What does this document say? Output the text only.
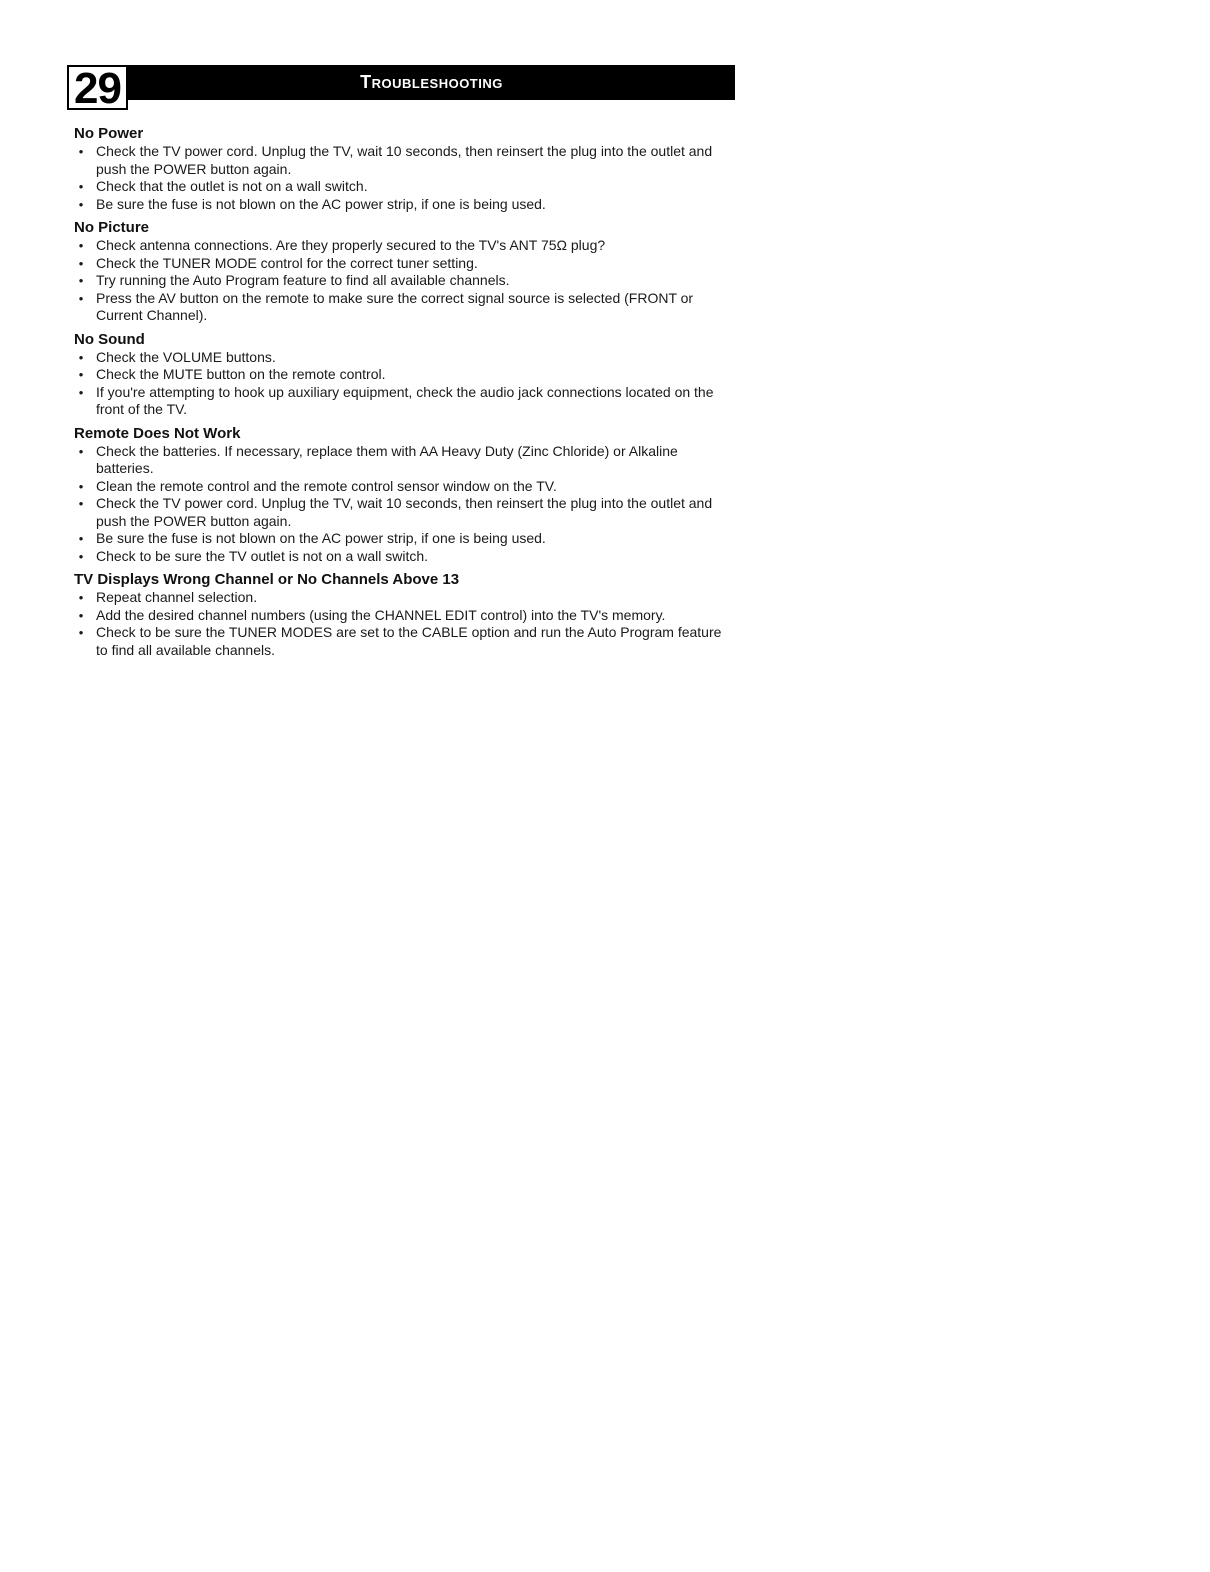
29	Troubleshooting
No Power
• Check the TV power cord. Unplug the TV, wait 10 seconds, then reinsert the plug into the outlet and push the POWER button again.
• Check that the outlet is not on a wall switch.
• Be sure the fuse is not blown on the AC power strip, if one is being used.
No Picture
• Check antenna connections. Are they properly secured to the TV's ANT 75Ω plug?
• Check the TUNER MODE control for the correct tuner setting.
• Try running the Auto Program feature to find all available channels.
• Press the AV button on the remote to make sure the correct signal source is selected (FRONT or Current Channel).
No Sound
• Check the VOLUME buttons.
• Check the MUTE button on the remote control.
• If you're attempting to hook up auxiliary equipment, check the audio jack connections located on the front of the TV.
Remote Does Not Work
• Check the batteries. If necessary, replace them with AA Heavy Duty (Zinc Chloride) or Alkaline batteries.
• Clean the remote control and the remote control sensor window on the TV.
• Check the TV power cord. Unplug the TV, wait 10 seconds, then reinsert the plug into the outlet and push the POWER button again.
• Be sure the fuse is not blown on the AC power strip, if one is being used.
• Check to be sure the TV outlet is not on a wall switch.
TV Displays Wrong Channel or No Channels Above 13
• Repeat channel selection.
• Add the desired channel numbers (using the CHANNEL EDIT control) into the TV's memory.
• Check to be sure the TUNER MODES are set to the CABLE option and run the Auto Program feature to find all available channels.
